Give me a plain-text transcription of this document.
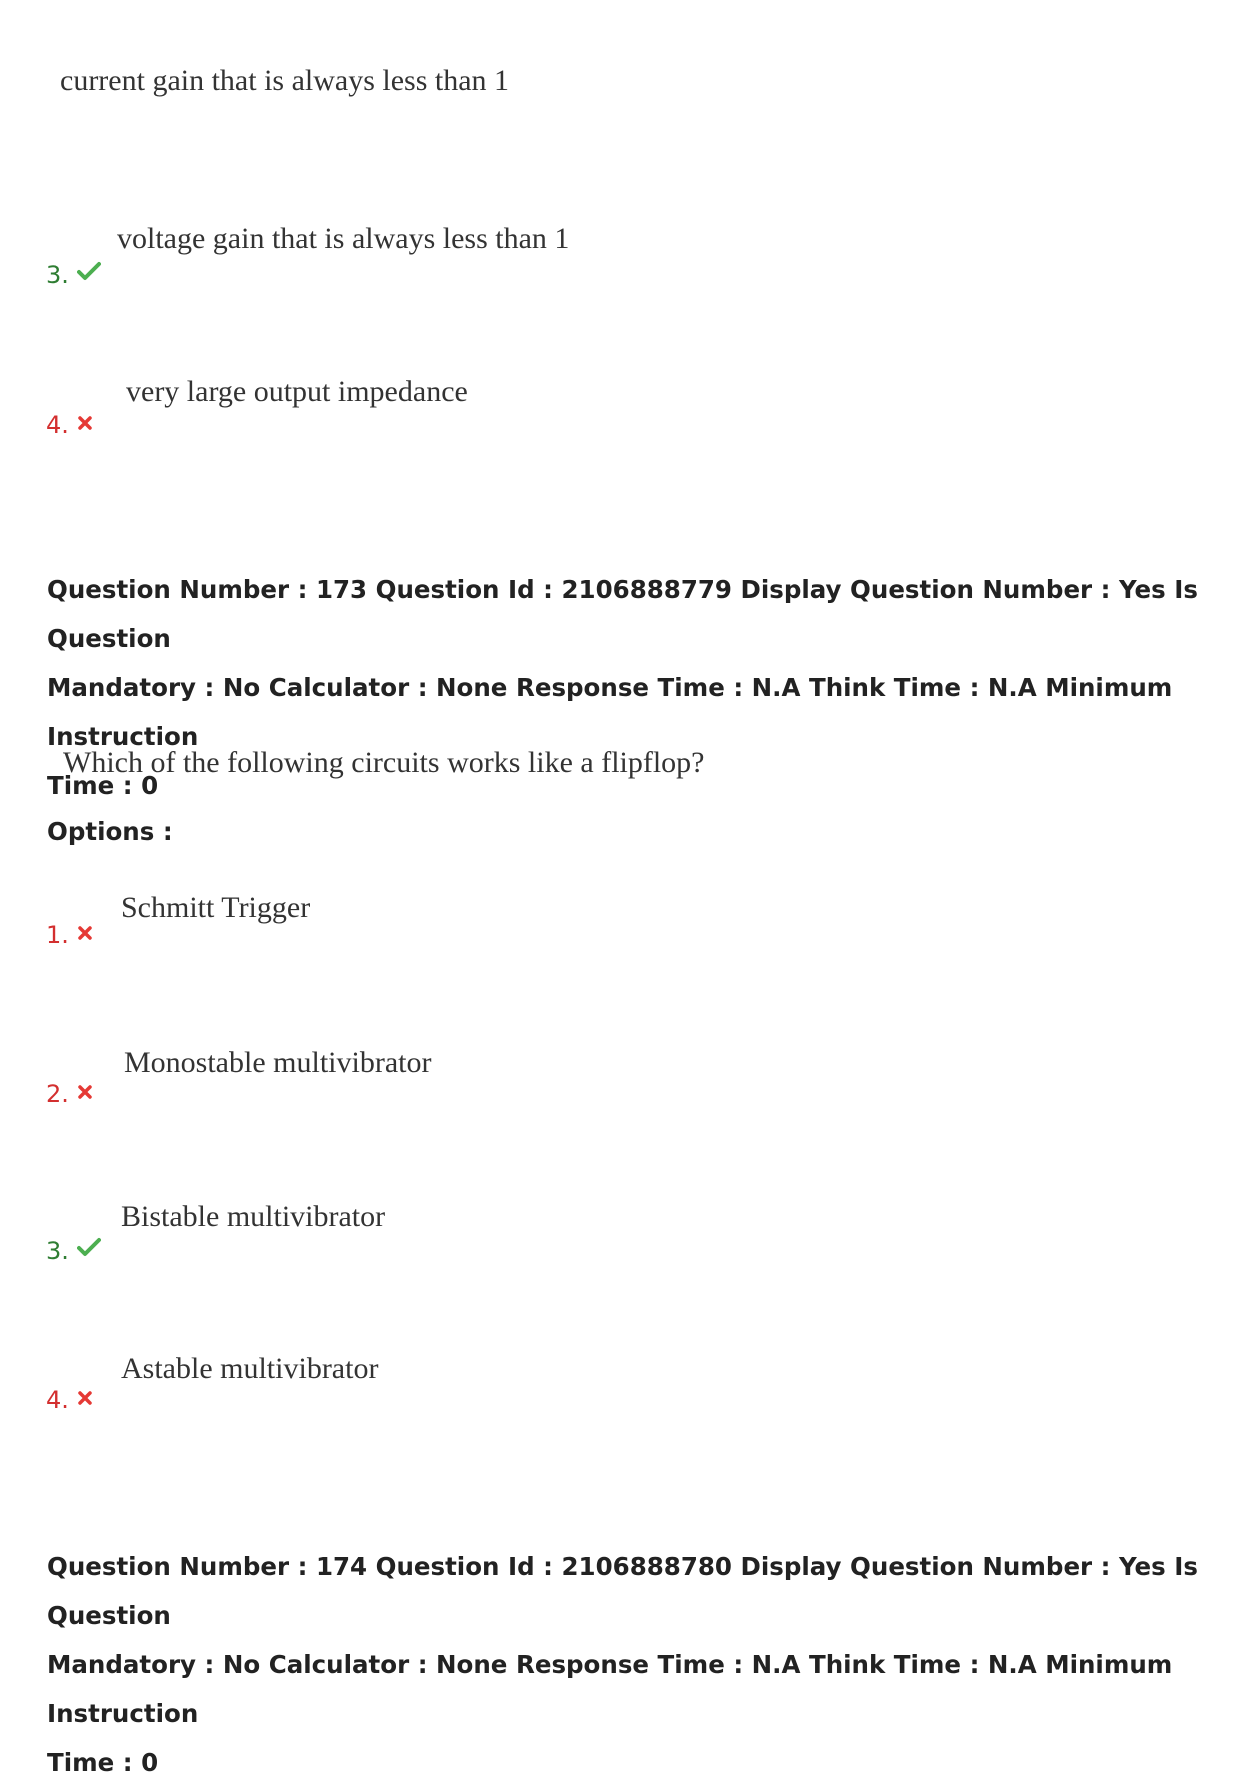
current gain that is always less than 1
voltage gain that is always less than 1
3.
very large output impedance
4.
Question Number : 173 Question Id : 2106888779 Display Question Number : Yes Is Question
Mandatory : No Calculator : None Response Time : N.A Think Time : N.A Minimum Instruction
Time : 0
Which of the following circuits works like a flipflop?
Options :
Schmitt Trigger
1.
Monostable multivibrator
2.
Bistable multivibrator
3.
Astable multivibrator
4.
Question Number : 174 Question Id : 2106888780 Display Question Number : Yes Is Question
Mandatory : No Calculator : None Response Time : N.A Think Time : N.A Minimum Instruction
Time : 0
